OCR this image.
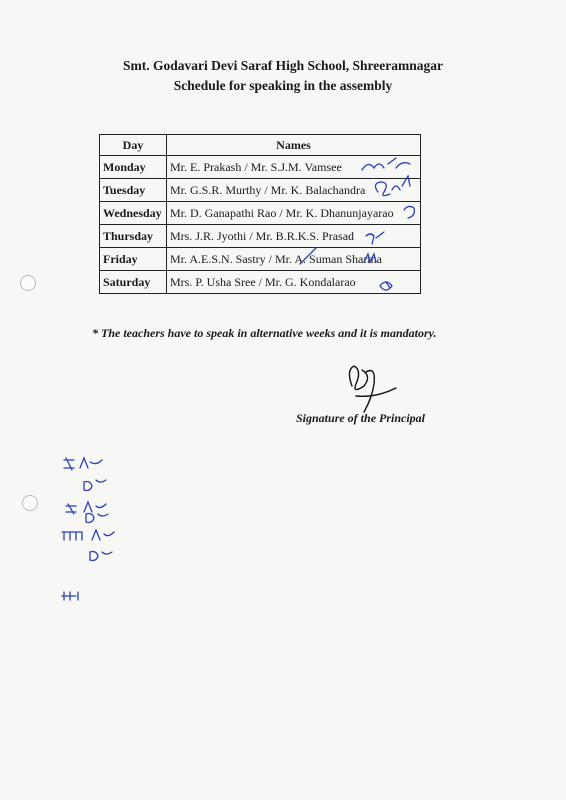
Smt. Godavari Devi Saraf High School, Shreeramnagar
Schedule for speaking in the assembly
Day	Names
Monday	Mr. E. Prakash / Mr. S.J.M. Vamsee
Tuesday	Mr. G.S.R. Murthy / Mr. K. Balachandra
Wednesday	Mr. D. Ganapathi Rao / Mr. K. Dhanunjayarao
Thursday	Mrs. J.R. Jyothi / Mr. B.R.K.S. Prasad
Friday	Mr. A.E.S.N. Sastry / Mr. A. Suman Sharma
Saturday	Mrs. P. Usha Sree / Mr. G. Kondalarao
* The teachers have to speak in alternative weeks and it is mandatory.
Signature of the Principal
